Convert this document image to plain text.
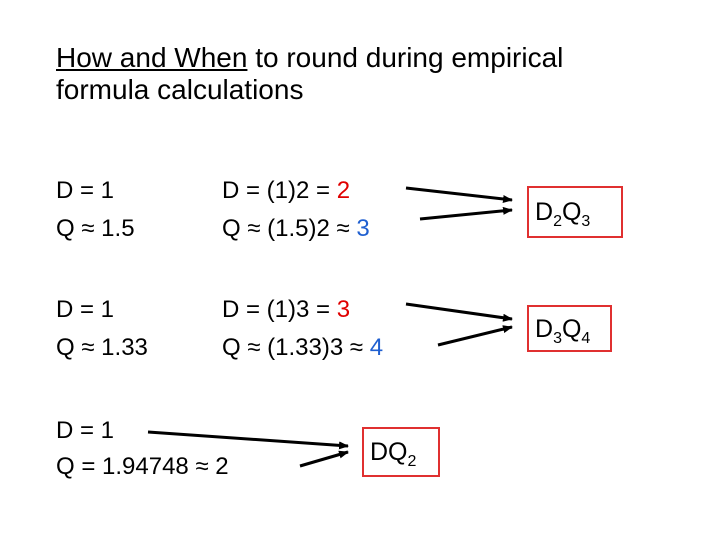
How and When to round during empirical
formula calculations
D = 1
Q ≈ 1.5
D = (1)2 = 2
Q ≈ (1.5)2 ≈ 3
$D_2Q_3$
D = 1
Q ≈ 1.33
D = (1)3 = 3
Q ≈ (1.33)3 ≈ 4
$D_3Q_4$
D = 1
Q = 1.94748 ≈ 2
$DQ_2$
